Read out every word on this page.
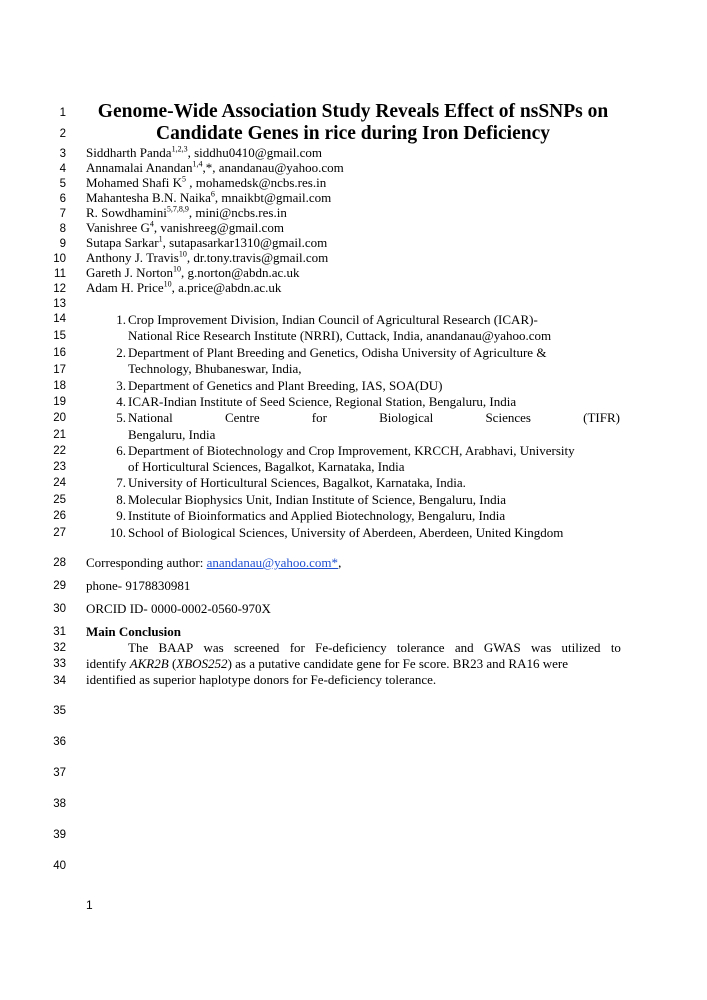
1
2
3
4
5
6
7
8
9
10
11
12
13
14
15
16
17
18
19
20
21
22
23
24
25
26
27
28
29
30
31
32
33
34
35
36
37
38
39
40
Genome-Wide Association Study Reveals Effect of nsSNPs on
Candidate Genes in rice during Iron Deficiency
Siddharth Panda$^{1,2,3}$, siddhu0410@gmail.com
Annamalai Anandan$^{1,4}$,*, anandanau@yahoo.com
Mohamed Shafi $K^5$ , mohamedsk@ncbs.res.in
Mahantesha B.N. Naika$^6$, mnaikbt@gmail.com
R. Sowdhamini$^{5,7,8,9}$, mini@ncbs.res.in
Vanishree $G^4$, vanishreeg@gmail.com
Sutapa Sarkar$^1$, sutapasarkar1310@gmail.com
Anthony J. Travis$^{10}$, dr.tony.travis@gmail.com
Gareth J. Norton$^{10}$, g.norton@abdn.ac.uk
Adam H. Price$^{10}$, a.price@abdn.ac.uk
1. Crop Improvement Division, Indian Council of Agricultural Research (ICAR)-
National Rice Research Institute (NRRI), Cuttack, India, anandanau@yahoo.com
2. Department of Plant Breeding and Genetics, Odisha University of Agriculture &
Technology, Bhubaneswar, India,
3. Department of Genetics and Plant Breeding, IAS, SOA(DU)
4. ICAR-Indian Institute of Seed Science, Regional Station, Bengaluru, India
5. National	Centre	for	Biological	Sciences	(TIFR)
Bengaluru, India
6. Department of Biotechnology and Crop Improvement, KRCCH, Arabhavi, University
of Horticultural Sciences, Bagalkot, Karnataka, India
7. University of Horticultural Sciences, Bagalkot, Karnataka, India.
8. Molecular Biophysics Unit, Indian Institute of Science, Bengaluru, India
9. Institute of Bioinformatics and Applied Biotechnology, Bengaluru, India
10. School of Biological Sciences, University of Aberdeen, Aberdeen, United Kingdom
Corresponding author: anandanau@yahoo.com*,
phone- 9178830981
ORCID ID- 0000-0002-0560-970X
Main Conclusion
The BAAP was screened for Fe-deficiency tolerance and GWAS was utilized to
identify AKR2B (XBOS252) as a putative candidate gene for Fe score. BR23 and RA16 were
identified as superior haplotype donors for Fe-deficiency tolerance.
1
